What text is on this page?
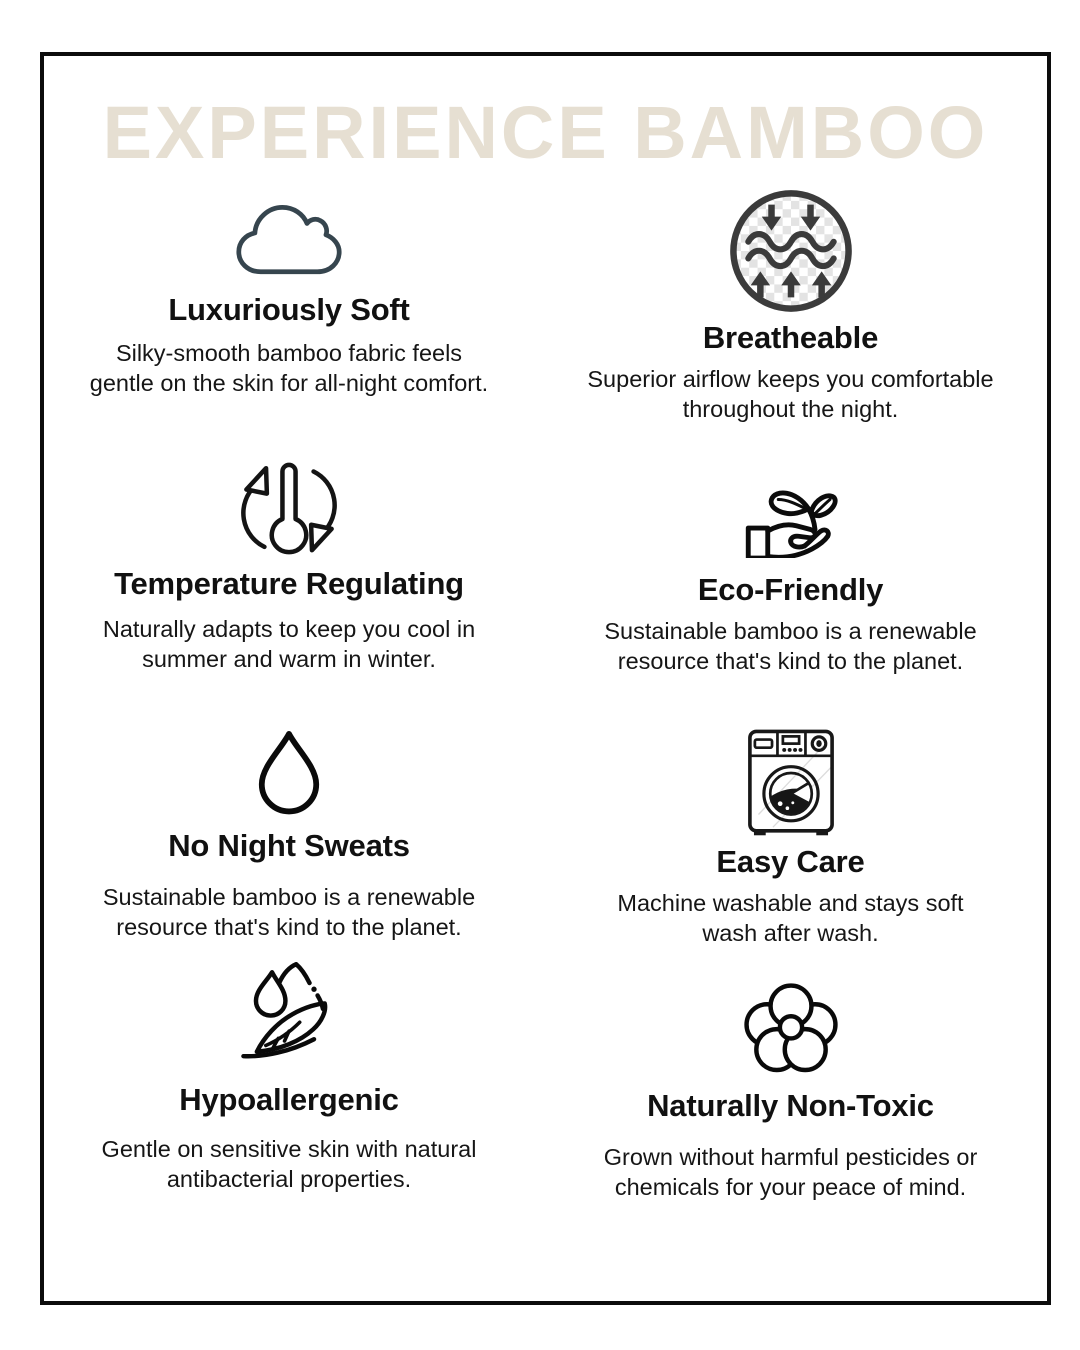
EXPERIENCE BAMBOO
Luxuriously Soft
Silky-smooth bamboo fabric feels gentle on the skin for all-night comfort.
Breatheable
Superior airflow keeps you comfortable throughout the night.
Temperature Regulating
Naturally adapts to keep you cool in summer and warm in winter.
Eco-Friendly
Sustainable bamboo is a renewable resource that's kind to the planet.
No Night Sweats
Sustainable bamboo is a renewable resource that's kind to the planet.
Easy Care
Machine washable and stays soft wash after wash.
Hypoallergenic
Gentle on sensitive skin with natural antibacterial properties.
Naturally Non-Toxic
Grown without harmful pesticides or chemicals for your peace of mind.
